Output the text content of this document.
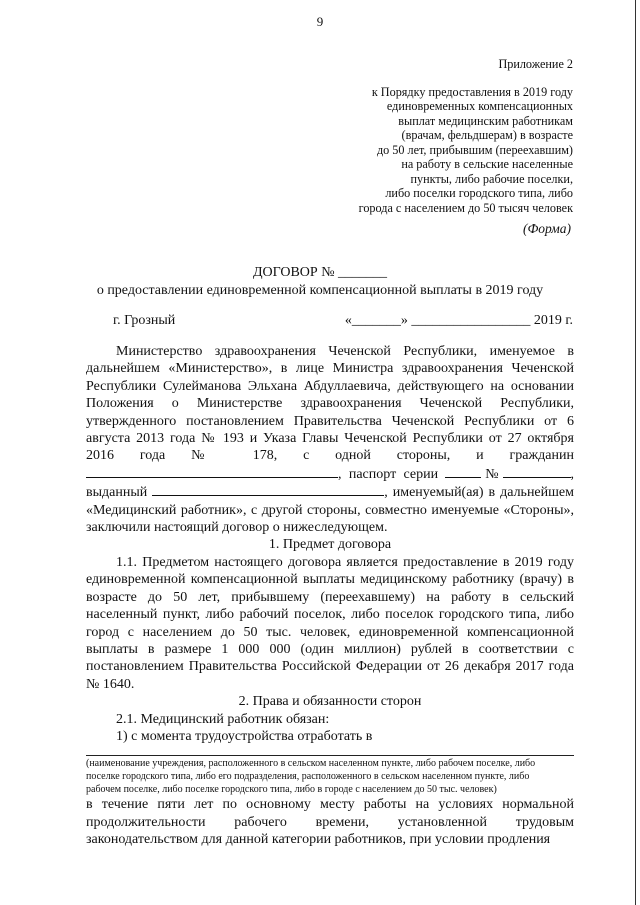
9
Приложение 2
к Порядку предоставления в 2019 году
единовременных компенсационных
выплат медицинским работникам
(врачам, фельдшерам) в возрасте
до 50 лет, прибывшим (переехавшим)
на работу в сельские населенные
пункты, либо рабочие поселки,
либо поселки городского типа, либо
города с населением до 50 тысяч человек
(Форма)
ДОГОВОР № _______
о предоставлении единовременной компенсационной выплаты в 2019 году
г. Грозный	«_______» _________________ 2019 г.

Министерство здравоохранения Чеченской Республики, именуемое в дальнейшем «Министерство», в лице Министра здравоохранения Чеченской Республики Сулейманова Эльхана Абдуллаевича, действующего на основании Положения о Министерстве здравоохранения Чеченской Республики, утвержденного постановлением Правительства Чеченской Республики от 6 августа 2013 года № 193 и Указа Главы Чеченской Республики от 27 октября 2016 года № 178, с одной стороны, и гражданин , паспорт серии	№	, выданный	, именуемый(ая) в дальнейшем «Медицинский работник», с другой стороны, совместно именуемые «Стороны», заключили настоящий договор о нижеследующем.

1. Предмет договора

1.1. Предметом настоящего договора является предоставление в 2019 году единовременной компенсационной выплаты медицинскому работнику (врачу) в возрасте до 50 лет, прибывшему (переехавшему) на работу в сельский населенный пункт, либо рабочий поселок, либо поселок городского типа, либо город с населением до 50 тыс. человек, единовременной компенсационной выплаты в размере 1 000 000 (один миллион) рублей в соответствии с постановлением Правительства Российской Федерации от 26 декабря 2017 года № 1640.

2. Права и обязанности сторон

2.1. Медицинский работник обязан:

1) с момента трудоустройства отработать в

(наименование учреждения, расположенного в сельском населенном пункте, либо рабочем поселке, либо
поселке городского типа, либо его подразделения, расположенного в сельском населенном пункте, либо
рабочем поселке, либо поселке городского типа, либо в городе с населением до 50 тыс. человек)

в течение пяти лет по основному месту работы на условиях нормальной продолжительности рабочего времени, установленной трудовым законодательством для данной категории работников, при условии продления
